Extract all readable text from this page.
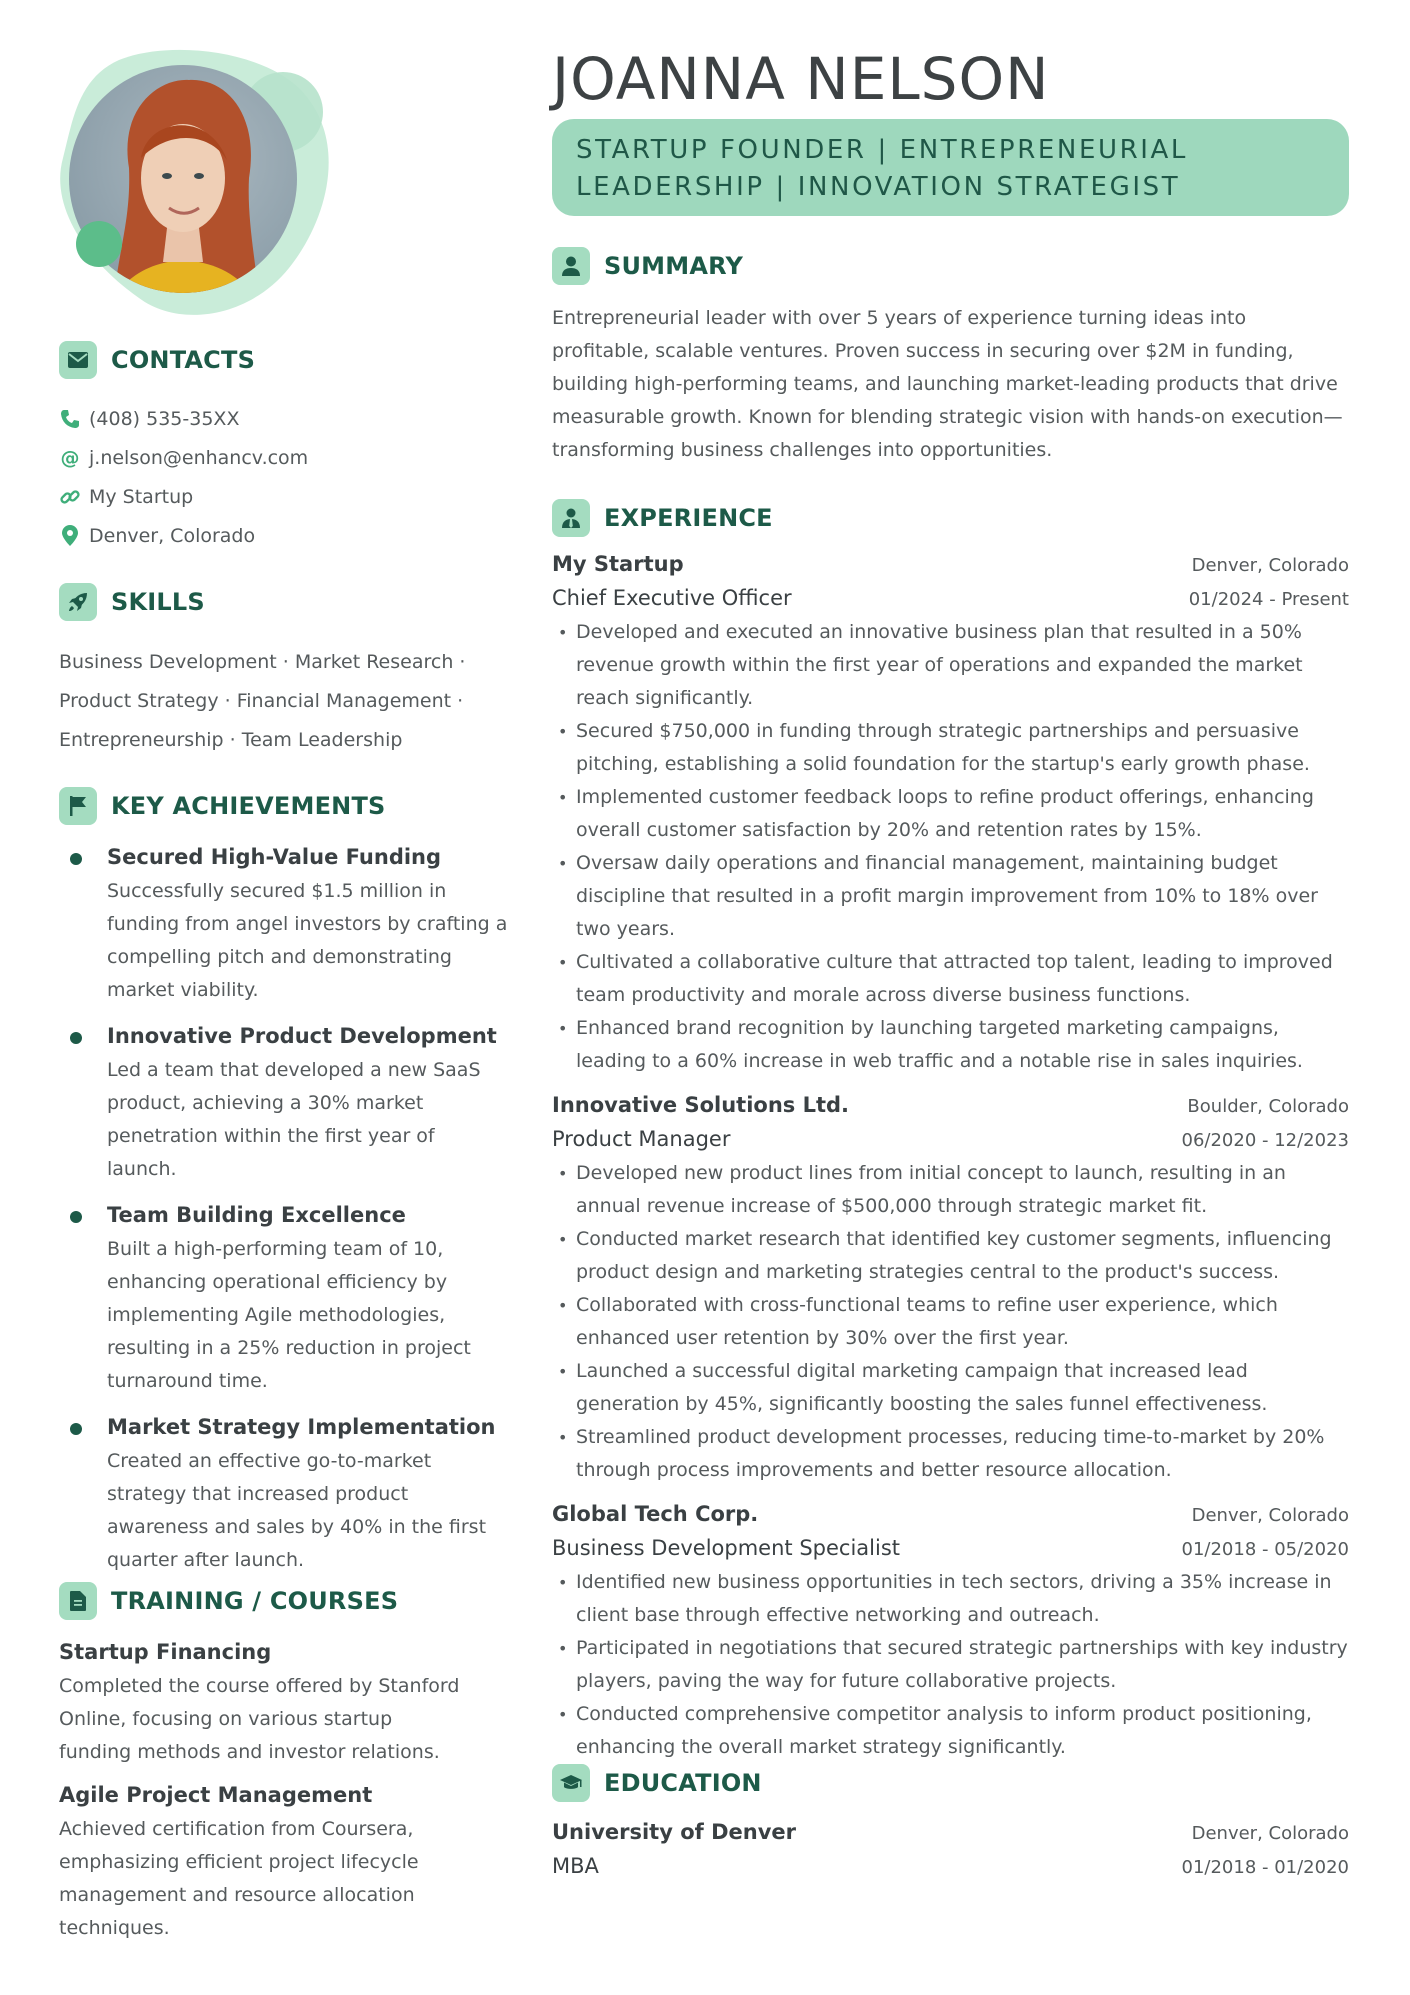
CONTACTS
(408) 535-35XX
@ j.nelson@enhancv.com
My Startup
Denver, Colorado
SKILLS
Business Development · Market Research ·
Product Strategy · Financial Management ·
Entrepreneurship · Team Leadership
KEY ACHIEVEMENTS
Secured High-Value Funding
Successfully secured $1.5 million in funding from angel investors by crafting a compelling pitch and demonstrating market viability.
Innovative Product Development
Led a team that developed a new SaaS product, achieving a 30% market penetration within the first year of launch.
Team Building Excellence
Built a high-performing team of 10, enhancing operational efficiency by implementing Agile methodologies, resulting in a 25% reduction in project turnaround time.
Market Strategy Implementation
Created an effective go-to-market strategy that increased product awareness and sales by 40% in the first quarter after launch.
TRAINING / COURSES
Startup Financing
Completed the course offered by Stanford Online, focusing on various startup funding methods and investor relations.
Agile Project Management
Achieved certification from Coursera, emphasizing efficient project lifecycle management and resource allocation techniques.
JOANNA NELSON
STARTUP FOUNDER | ENTREPRENEURIAL LEADERSHIP | INNOVATION STRATEGIST
SUMMARY
Entrepreneurial leader with over 5 years of experience turning ideas into profitable, scalable ventures. Proven success in securing over $2M in funding, building high-performing teams, and launching market-leading products that drive measurable growth. Known for blending strategic vision with hands-on execution—transforming business challenges into opportunities.
EXPERIENCE
My Startup	Denver, Colorado
Chief Executive Officer	01/2024 - Present
• Developed and executed an innovative business plan that resulted in a 50% revenue growth within the first year of operations and expanded the market reach significantly.
• Secured $750,000 in funding through strategic partnerships and persuasive pitching, establishing a solid foundation for the startup's early growth phase.
• Implemented customer feedback loops to refine product offerings, enhancing overall customer satisfaction by 20% and retention rates by 15%.
• Oversaw daily operations and financial management, maintaining budget discipline that resulted in a profit margin improvement from 10% to 18% over two years.
• Cultivated a collaborative culture that attracted top talent, leading to improved team productivity and morale across diverse business functions.
• Enhanced brand recognition by launching targeted marketing campaigns, leading to a 60% increase in web traffic and a notable rise in sales inquiries.
Innovative Solutions Ltd.	Boulder, Colorado
Product Manager	06/2020 - 12/2023
• Developed new product lines from initial concept to launch, resulting in an annual revenue increase of $500,000 through strategic market fit.
• Conducted market research that identified key customer segments, influencing product design and marketing strategies central to the product's success.
• Collaborated with cross-functional teams to refine user experience, which enhanced user retention by 30% over the first year.
• Launched a successful digital marketing campaign that increased lead generation by 45%, significantly boosting the sales funnel effectiveness.
• Streamlined product development processes, reducing time-to-market by 20% through process improvements and better resource allocation.
Global Tech Corp.	Denver, Colorado
Business Development Specialist	01/2018 - 05/2020
• Identified new business opportunities in tech sectors, driving a 35% increase in client base through effective networking and outreach.
• Participated in negotiations that secured strategic partnerships with key industry players, paving the way for future collaborative projects.
• Conducted comprehensive competitor analysis to inform product positioning, enhancing the overall market strategy significantly.
EDUCATION
University of Denver	Denver, Colorado
MBA	01/2018 - 01/2020
